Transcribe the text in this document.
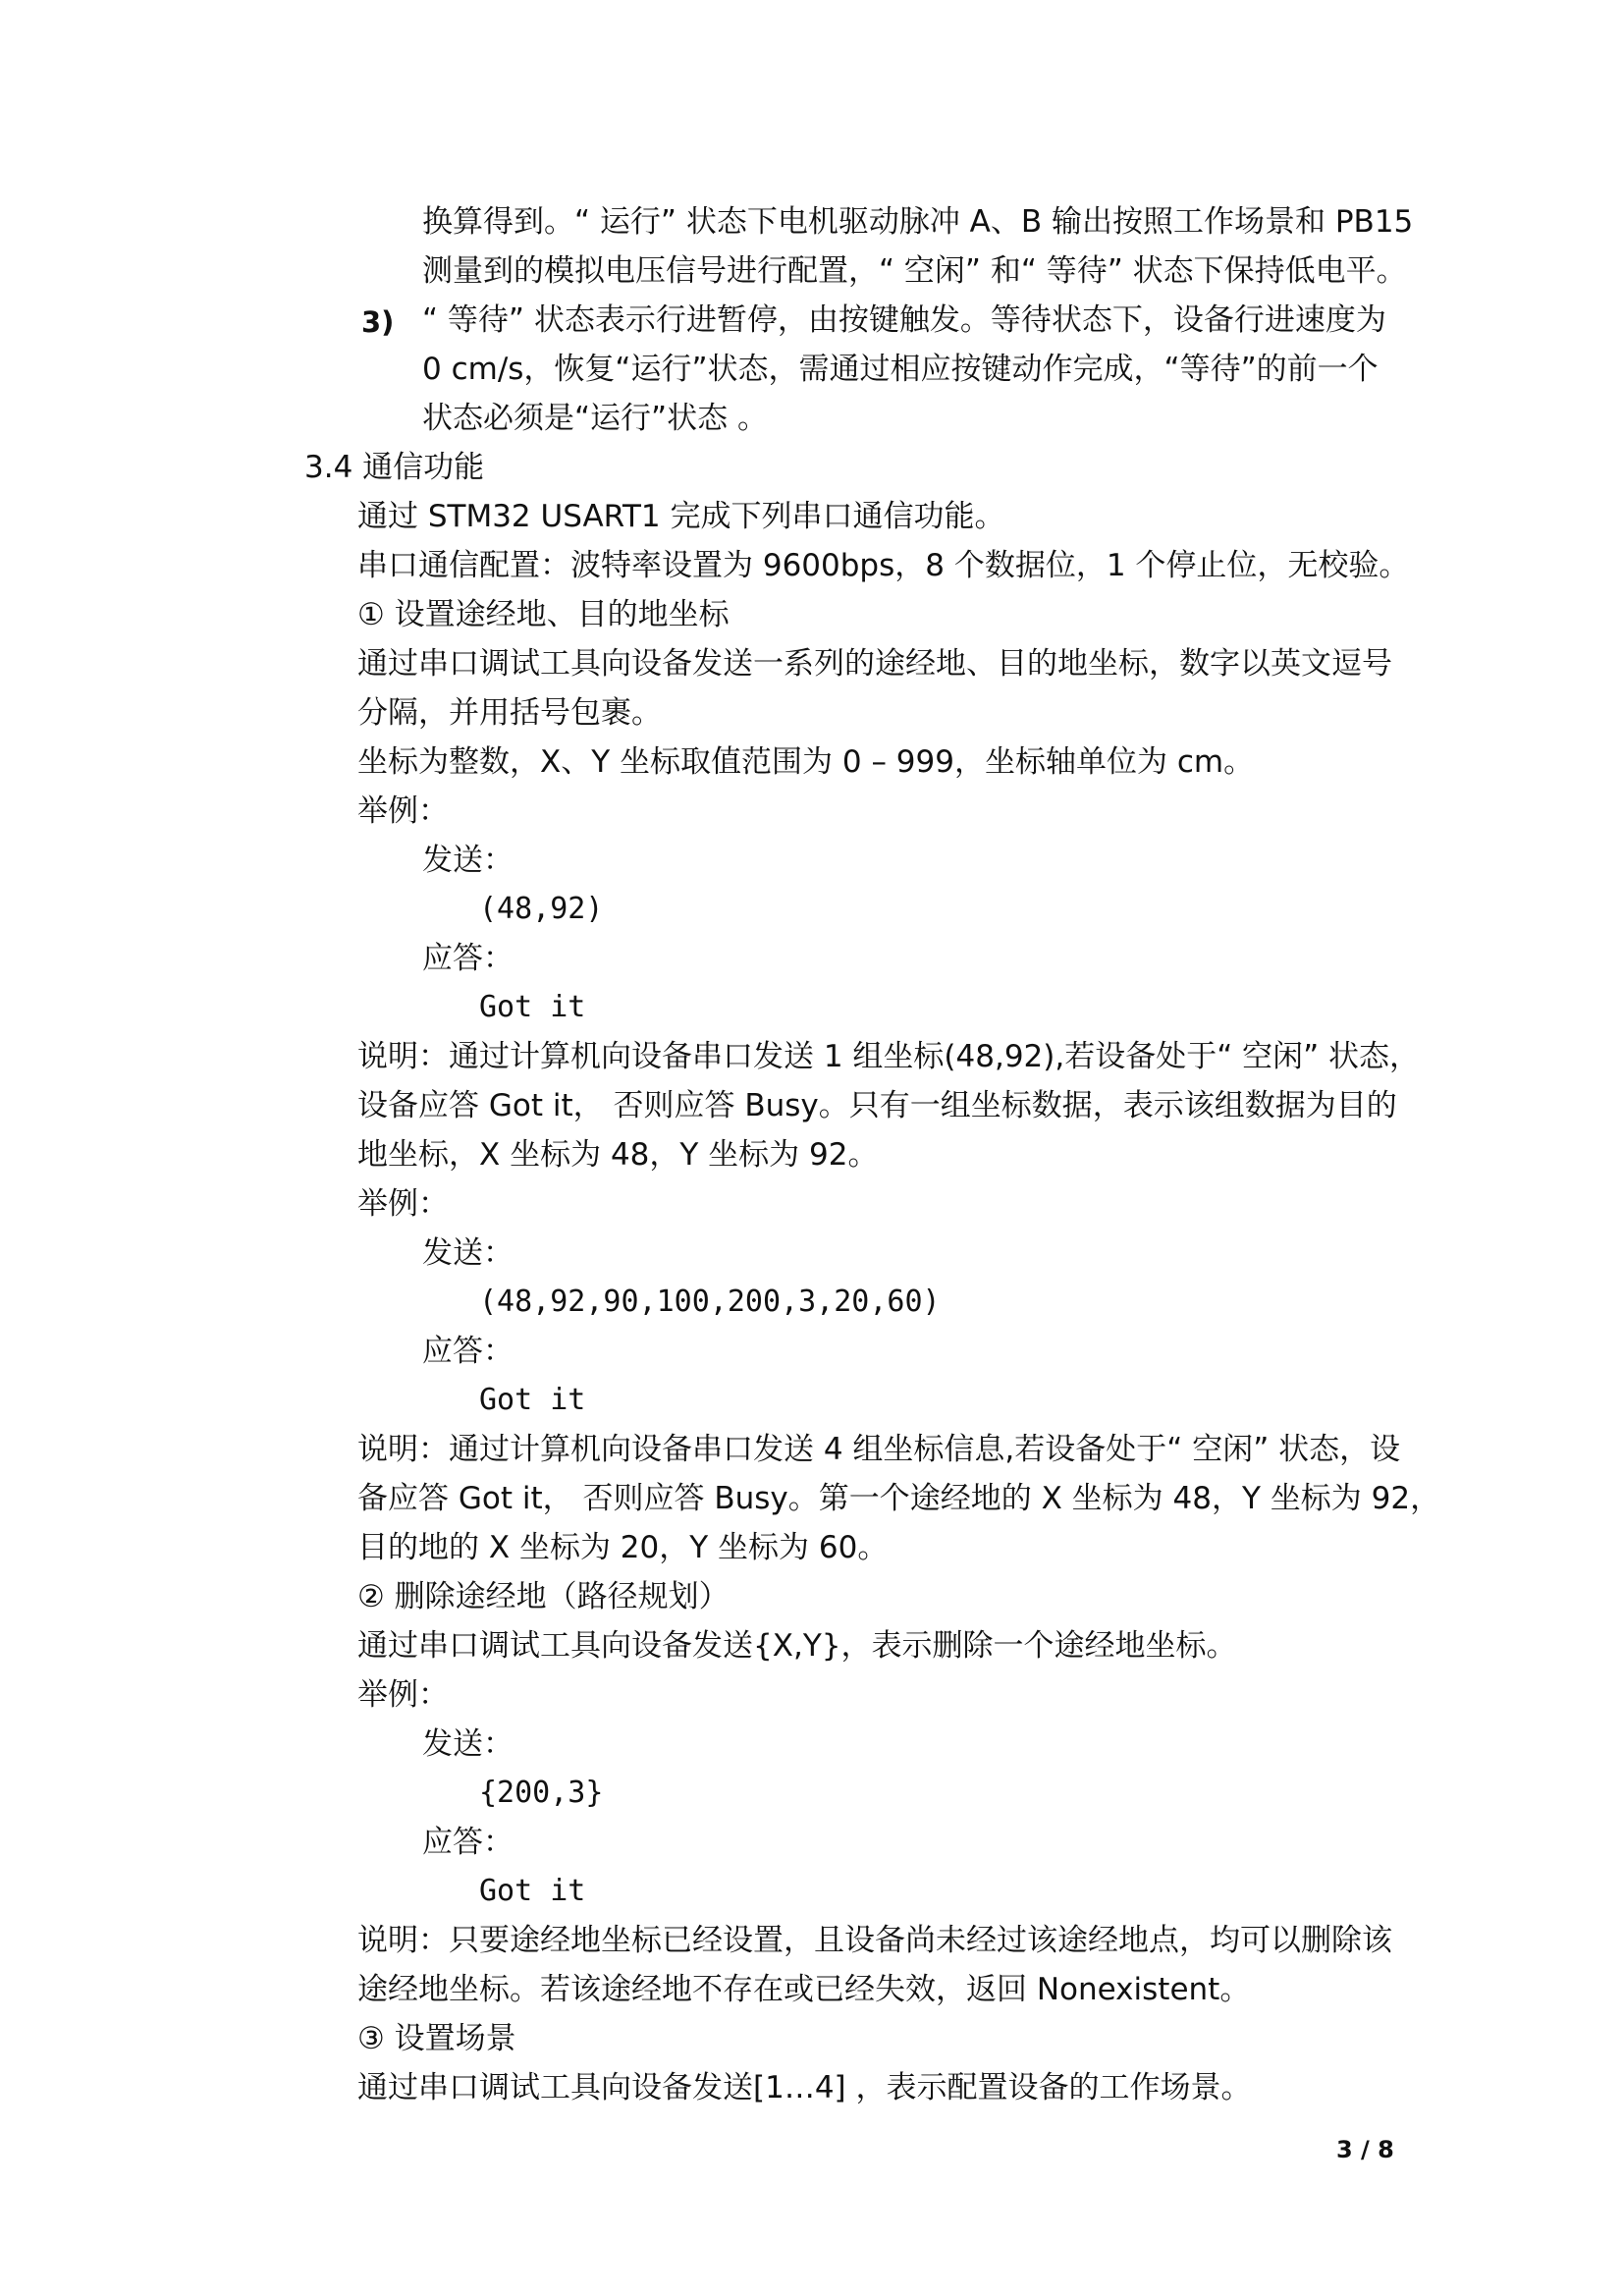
换算得到。“ 运行” 状态下电机驱动脉冲 A、B 输出按照工作场景和 PB15
测量到的模拟电压信号进行配置，“ 空闲” 和“ 等待” 状态下保持低电平。
3) “ 等待” 状态表示行进暂停，由按键触发。等待状态下，设备行进速度为
0 cm/s，恢复“运行”状态，需通过相应按键动作完成，“等待”的前一个
状态必须是“运行”状态 。
3.4 通信功能
通过 STM32 USART1 完成下列串口通信功能。
串口通信配置：波特率设置为 9600bps，8 个数据位，1 个停止位，无校验。
① 设置途经地、目的地坐标
通过串口调试工具向设备发送一系列的途经地、目的地坐标，数字以英文逗号
分隔，并用括号包裹。
坐标为整数，X、Y 坐标取值范围为 0 – 999，坐标轴单位为 cm。
举例：
发送：
(48,92)
应答：
Got it
说明：通过计算机向设备串口发送 1 组坐标(48,92),若设备处于“ 空闲” 状态，
设备应答 Got it， 否则应答 Busy。只有一组坐标数据，表示该组数据为目的
地坐标，X 坐标为 48，Y 坐标为 92。
举例：
发送：
(48,92,90,100,200,3,20,60)
应答：
Got it
说明：通过计算机向设备串口发送 4 组坐标信息,若设备处于“ 空闲” 状态，设
备应答 Got it， 否则应答 Busy。第一个途经地的 X 坐标为 48，Y 坐标为 92，
目的地的 X 坐标为 20，Y 坐标为 60。
② 删除途经地（路径规划）
通过串口调试工具向设备发送{X,Y}，表示删除一个途经地坐标。
举例：
发送：
{200,3}
应答：
Got it
说明：只要途经地坐标已经设置，且设备尚未经过该途经地点，均可以删除该
途经地坐标。若该途经地不存在或已经失效，返回 Nonexistent。
③ 设置场景
通过串口调试工具向设备发送[1…4] ，表示配置设备的工作场景。
3 / 8
